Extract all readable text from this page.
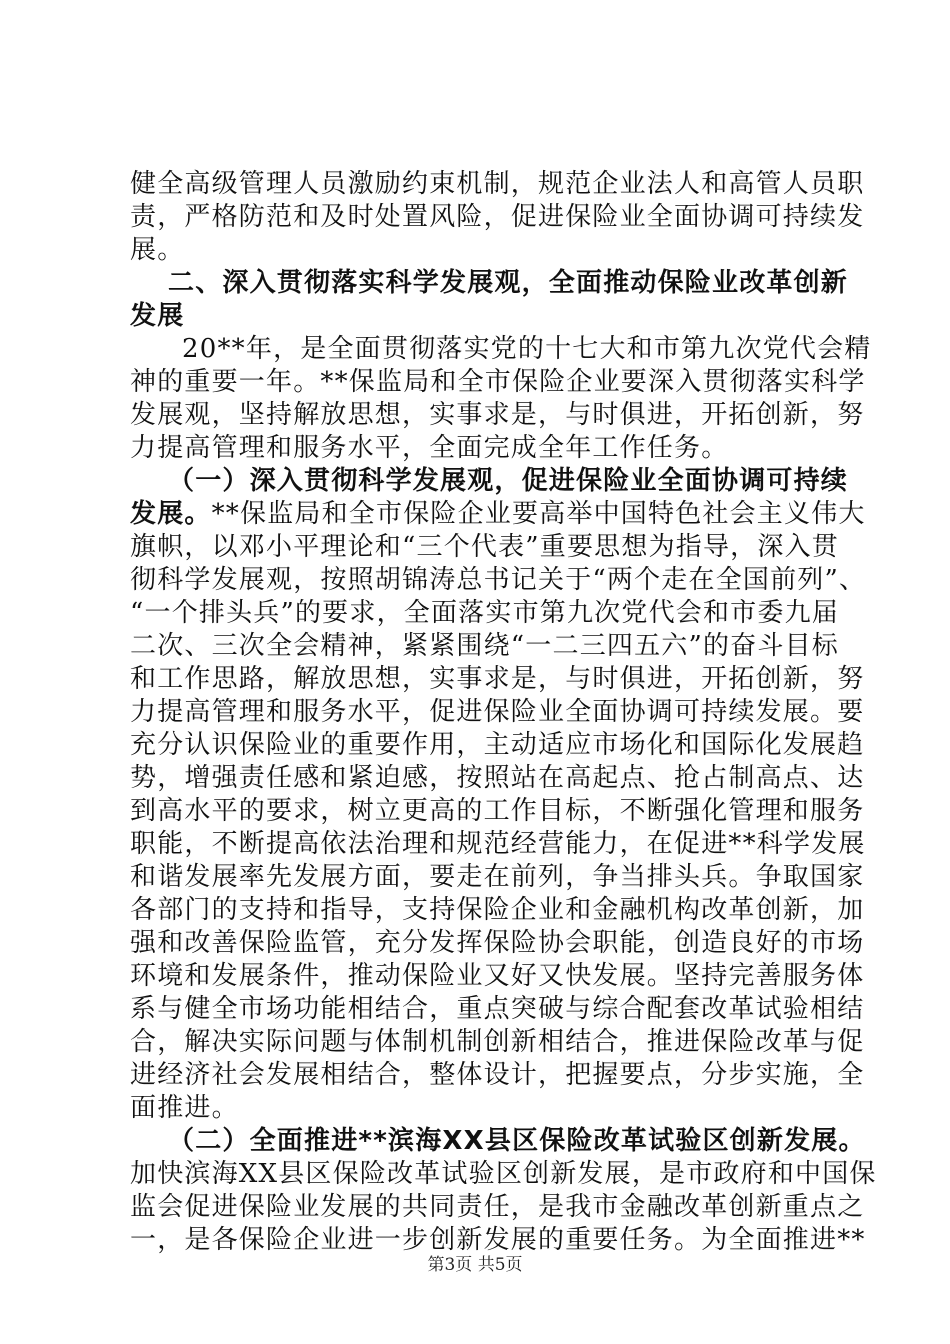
健全高级管理人员激励约束机制，规范企业法人和高管人员职
责，严格防范和及时处置风险，促进保险业全面协调可持续发
展。
二、深入贯彻落实科学发展观，全面推动保险业改革创新
发展
20**年，是全面贯彻落实党的十七大和市第九次党代会精
神的重要一年。**保监局和全市保险企业要深入贯彻落实科学
发展观，坚持解放思想，实事求是，与时俱进，开拓创新，努
力提高管理和服务水平，全面完成全年工作任务。
（一）深入贯彻科学发展观，促进保险业全面协调可持续
发展。**保监局和全市保险企业要高举中国特色社会主义伟大
旗帜，以邓小平理论和“三个代表”重要思想为指导，深入贯
彻科学发展观，按照胡锦涛总书记关于“两个走在全国前列”、
“一个排头兵”的要求，全面落实市第九次党代会和市委九届
二次、三次全会精神，紧紧围绕“一二三四五六”的奋斗目标
和工作思路，解放思想，实事求是，与时俱进，开拓创新，努
力提高管理和服务水平，促进保险业全面协调可持续发展。要
充分认识保险业的重要作用，主动适应市场化和国际化发展趋
势，增强责任感和紧迫感，按照站在高起点、抢占制高点、达
到高水平的要求，树立更高的工作目标，不断强化管理和服务
职能，不断提高依法治理和规范经营能力，在促进**科学发展
和谐发展率先发展方面，要走在前列，争当排头兵。争取国家
各部门的支持和指导，支持保险企业和金融机构改革创新，加
强和改善保险监管，充分发挥保险协会职能，创造良好的市场
环境和发展条件，推动保险业又好又快发展。坚持完善服务体
系与健全市场功能相结合，重点突破与综合配套改革试验相结
合，解决实际问题与体制机制创新相结合，推进保险改革与促
进经济社会发展相结合，整体设计，把握要点，分步实施，全
面推进。
（二）全面推进**滨海XX县区保险改革试验区创新发展。
加快滨海XX县区保险改革试验区创新发展，是市政府和中国保
监会促进保险业发展的共同责任，是我市金融改革创新重点之
一，是各保险企业进一步创新发展的重要任务。为全面推进**
第3页 共5页
